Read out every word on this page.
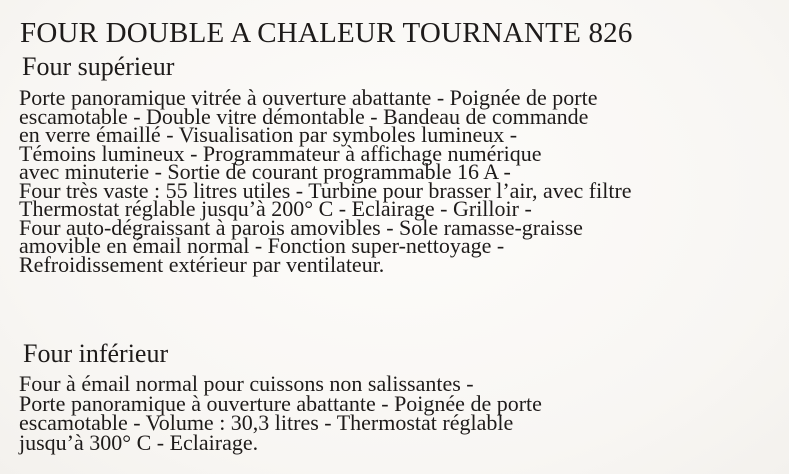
FOUR DOUBLE A CHALEUR TOURNANTE 826
Four supérieur
Porte panoramique vitrée à ouverture abattante - Poignée de porte
escamotable - Double vitre démontable - Bandeau de commande
en verre émaillé - Visualisation par symboles lumineux -
Témoins lumineux - Programmateur à affichage numérique
avec minuterie - Sortie de courant programmable 16 A -
Four très vaste : 55 litres utiles - Turbine pour brasser l’air, avec filtre
Thermostat réglable jusqu’à 200° C - Eclairage - Grilloir -
Four auto-dégraissant à parois amovibles - Sole ramasse-graisse
amovible en émail normal - Fonction super-nettoyage -
Refroidissement extérieur par ventilateur.
Four inférieur
Four à émail normal pour cuissons non salissantes -
Porte panoramique à ouverture abattante - Poignée de porte
escamotable - Volume : 30,3 litres - Thermostat réglable
jusqu’à 300° C - Eclairage.
